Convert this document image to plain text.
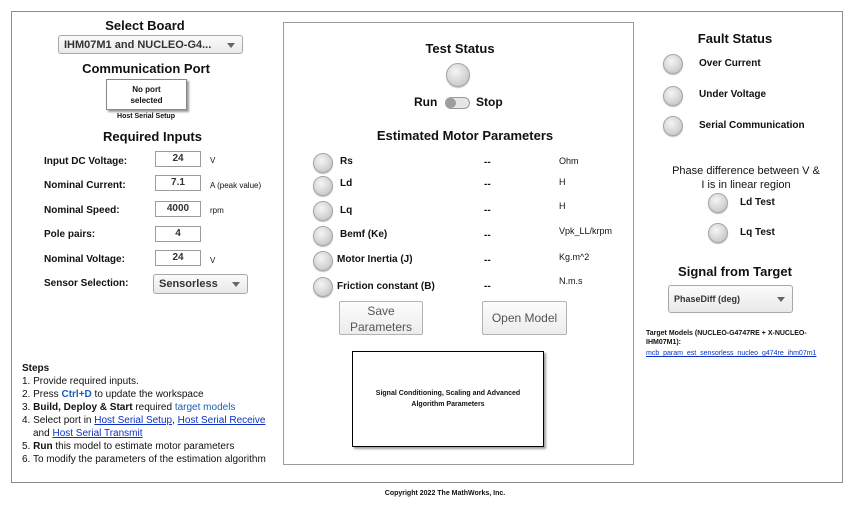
Select Board
IHM07M1 and NUCLEO-G4...
Communication Port
No port selected
Host Serial Setup
Required Inputs
Input DC Voltage:	24	V
Nominal Current:	7.1	A (peak value)
Nominal Speed:	4000	rpm
Pole pairs:	4
Nominal Voltage:	24	V
Sensor Selection:	Sensorless
Steps
1. Provide required inputs.
2. Press Ctrl+D to update the workspace
3. Build, Deploy & Start required target models
4. Select port in Host Serial Setup, Host Serial Receive
and Host Serial Transmit
5. Run this model to estimate motor parameters
6. To modify the parameters of the estimation algorithm
Test Status
Run	Stop
Estimated Motor Parameters
Rs	--	Ohm
Ld	--	H
Lq	--	H
Bemf (Ke)	--	Vpk_LL/krpm
Motor Inertia (J)	--	Kg.m^2
Friction constant (B)	--	N.m.s
Save Parameters
Open Model
Signal Conditioning, Scaling and Advanced Algorithm Parameters
Fault Status
Over Current
Under Voltage
Serial Communication
Phase difference between V & I is in linear region
Ld Test
Lq Test
Signal from Target
PhaseDiff (deg)
Target Models (NUCLEO-G4747RE + X-NUCLEO-IHM07M1):
mcb_param_est_sensorless_nucleo_g474re_ihm07m1
Copyright 2022 The MathWorks, Inc.
